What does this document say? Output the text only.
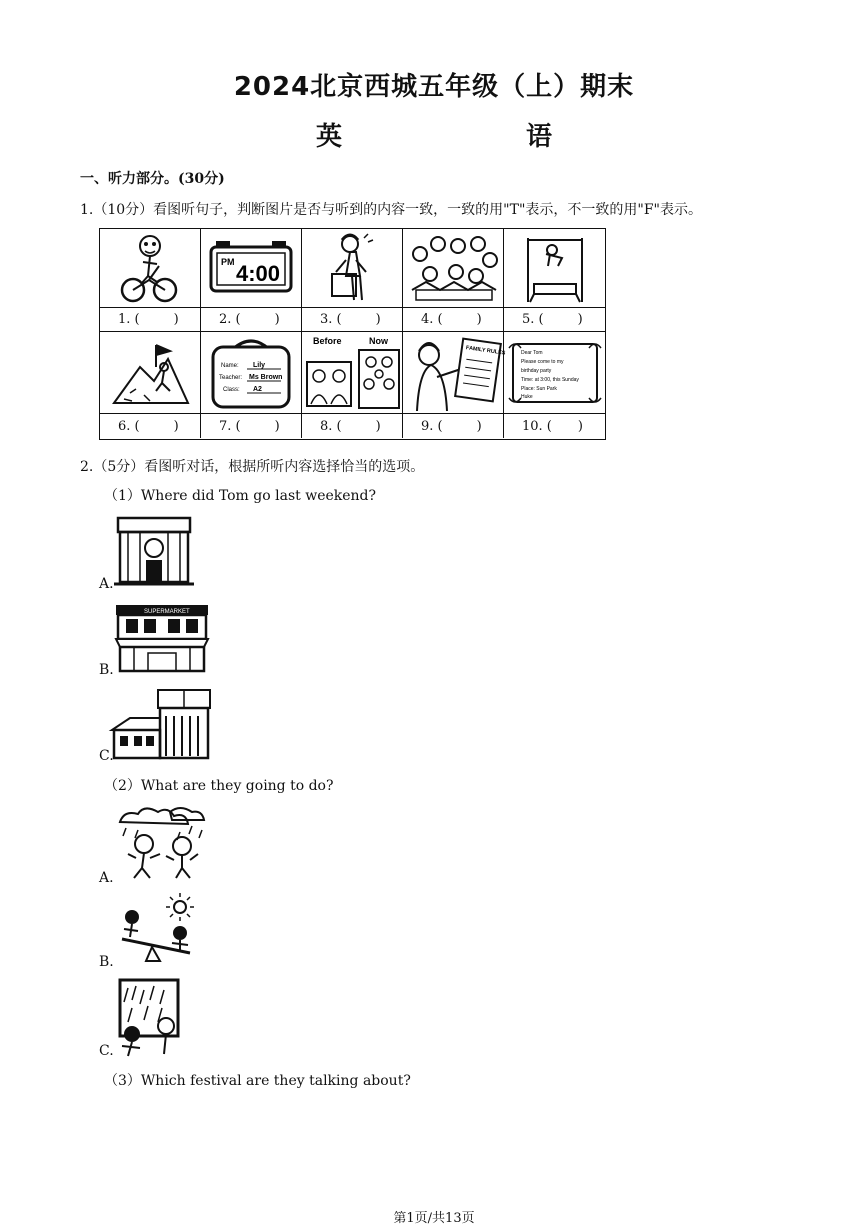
2024北京西城五年级（上）期末
英　　语
一、听力部分。(30分)
1.（10分）看图听句子，判断图片是否与听到的内容一致，一致的用"T"表示，不一致的用"F"表示。
PM 4:00
1. (	)	2. (	)	3. (	)	4. (	)	5. (	)
Name: Lily
Teacher: Ms Brown
Class: A2
Before	Now
FAMILY RULES	Dear Tom
Please come to my
birthday party
Time: at 3:00, this Sunday
Place: Sun Park
Huke
6. (	)	7. (	)	8. (	)	9. (	)	10. ( )
2.（5分）看图听对话，根据所听内容选择恰当的选项。
（1）Where did Tom go last weekend?
A.
SUPERMARKET
B.
C.
（2）What are they going to do?
A.
B.
C.
（3）Which festival are they talking about?
第1页/共13页
